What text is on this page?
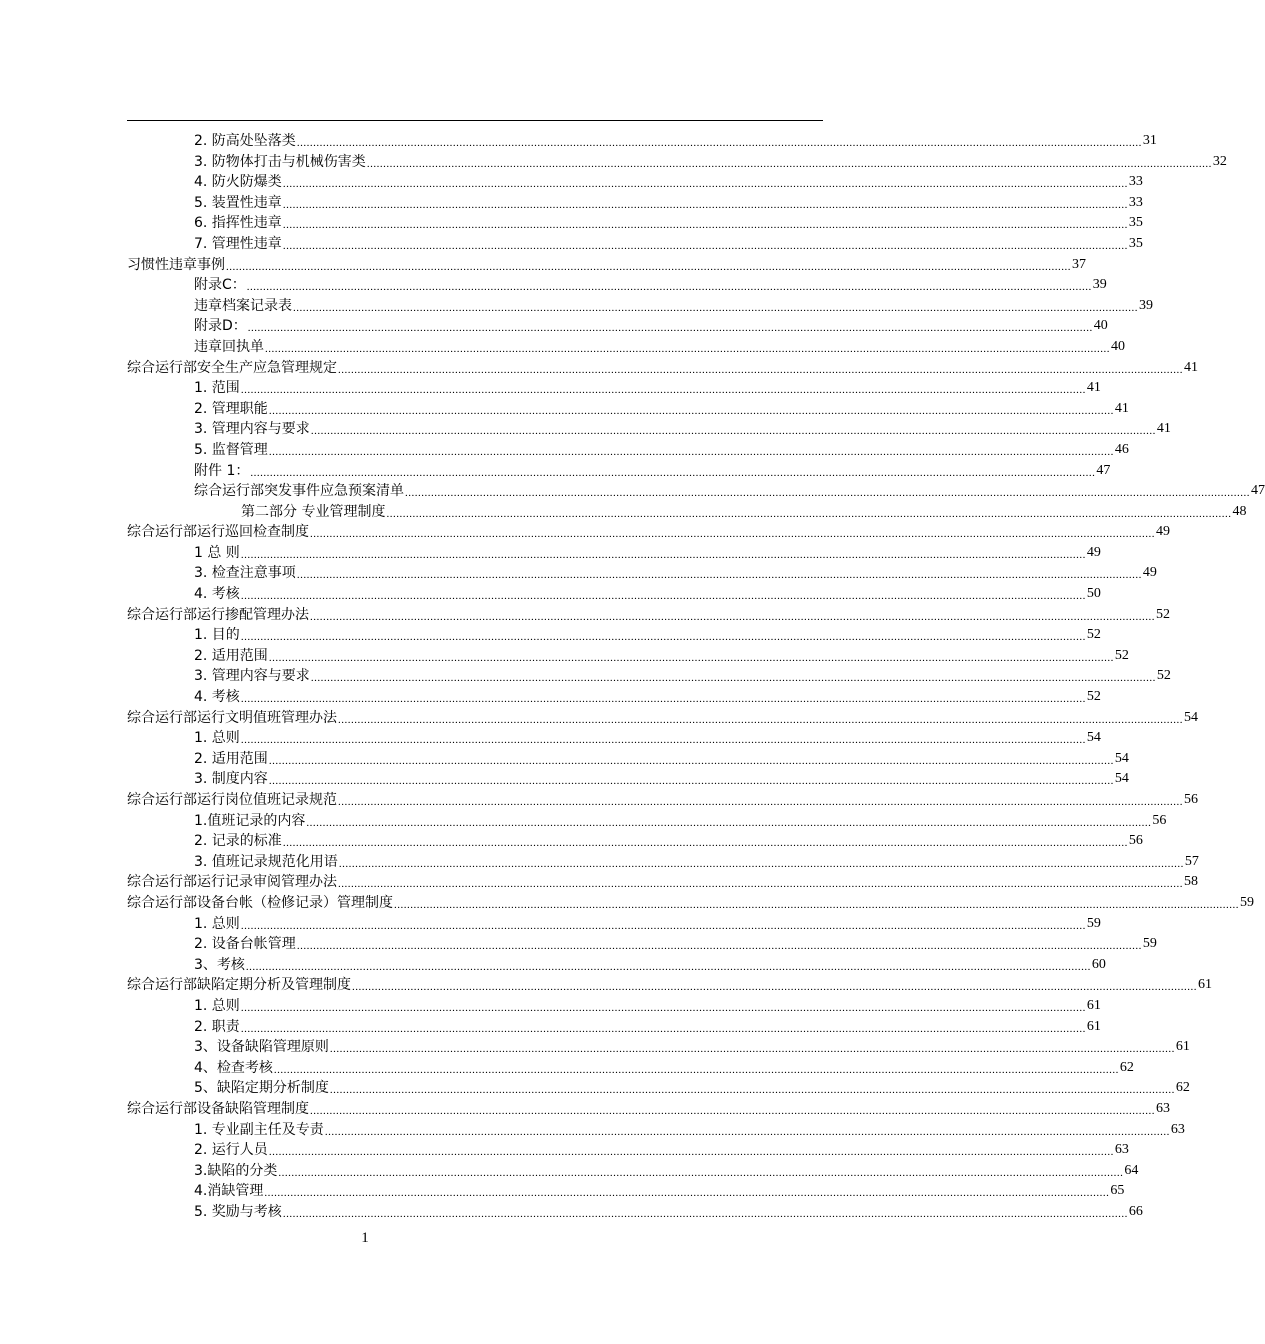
2. 防高处坠落类 .................................................................................................................................................................................................................................................................... 31
3. 防物体打击与机械伤害类 .................................................................................................................................................................................................................................................................... 32
4. 防火防爆类 .................................................................................................................................................................................................................................................................... 33
5. 装置性违章 .................................................................................................................................................................................................................................................................... 33
6. 指挥性违章 .................................................................................................................................................................................................................................................................... 35
7. 管理性违章 .................................................................................................................................................................................................................................................................... 35
习惯性违章事例 .................................................................................................................................................................................................................................................................... 37
附录C： .................................................................................................................................................................................................................................................................... 39
违章档案记录表 .................................................................................................................................................................................................................................................................... 39
附录D： .................................................................................................................................................................................................................................................................... 40
违章回执单 .................................................................................................................................................................................................................................................................... 40
综合运行部安全生产应急管理规定 .................................................................................................................................................................................................................................................................... 41
1. 范围 .................................................................................................................................................................................................................................................................... 41
2. 管理职能 .................................................................................................................................................................................................................................................................... 41
3. 管理内容与要求 .................................................................................................................................................................................................................................................................... 41
5. 监督管理 .................................................................................................................................................................................................................................................................... 46
附件 1： .................................................................................................................................................................................................................................................................... 47
综合运行部突发事件应急预案清单 .................................................................................................................................................................................................................................................................... 47
第二部分 专业管理制度 .................................................................................................................................................................................................................................................................... 48
综合运行部运行巡回检查制度 .................................................................................................................................................................................................................................................................... 49
1 总 则 .................................................................................................................................................................................................................................................................... 49
3. 检查注意事项 .................................................................................................................................................................................................................................................................... 49
4. 考核 .................................................................................................................................................................................................................................................................... 50
综合运行部运行掺配管理办法 .................................................................................................................................................................................................................................................................... 52
1. 目的 .................................................................................................................................................................................................................................................................... 52
2. 适用范围 .................................................................................................................................................................................................................................................................... 52
3. 管理内容与要求 .................................................................................................................................................................................................................................................................... 52
4. 考核 .................................................................................................................................................................................................................................................................... 52
综合运行部运行文明值班管理办法 .................................................................................................................................................................................................................................................................... 54
1. 总则 .................................................................................................................................................................................................................................................................... 54
2. 适用范围 .................................................................................................................................................................................................................................................................... 54
3. 制度内容 .................................................................................................................................................................................................................................................................... 54
综合运行部运行岗位值班记录规范 .................................................................................................................................................................................................................................................................... 56
1.值班记录的内容 .................................................................................................................................................................................................................................................................... 56
2. 记录的标准 .................................................................................................................................................................................................................................................................... 56
3. 值班记录规范化用语 .................................................................................................................................................................................................................................................................... 57
综合运行部运行记录审阅管理办法 .................................................................................................................................................................................................................................................................... 58
综合运行部设备台帐（检修记录）管理制度 .................................................................................................................................................................................................................................................................... 59
1. 总则 .................................................................................................................................................................................................................................................................... 59
2. 设备台帐管理 .................................................................................................................................................................................................................................................................... 59
3、考核 .................................................................................................................................................................................................................................................................... 60
综合运行部缺陷定期分析及管理制度 .................................................................................................................................................................................................................................................................... 61
1. 总则 .................................................................................................................................................................................................................................................................... 61
2. 职责 .................................................................................................................................................................................................................................................................... 61
3、设备缺陷管理原则 .................................................................................................................................................................................................................................................................... 61
4、检查考核 .................................................................................................................................................................................................................................................................... 62
5、缺陷定期分析制度 .................................................................................................................................................................................................................................................................... 62
综合运行部设备缺陷管理制度 .................................................................................................................................................................................................................................................................... 63
1. 专业副主任及专责 .................................................................................................................................................................................................................................................................... 63
2. 运行人员 .................................................................................................................................................................................................................................................................... 63
3.缺陷的分类 .................................................................................................................................................................................................................................................................... 64
4.消缺管理 .................................................................................................................................................................................................................................................................... 65
5. 奖励与考核 .................................................................................................................................................................................................................................................................... 66
1
